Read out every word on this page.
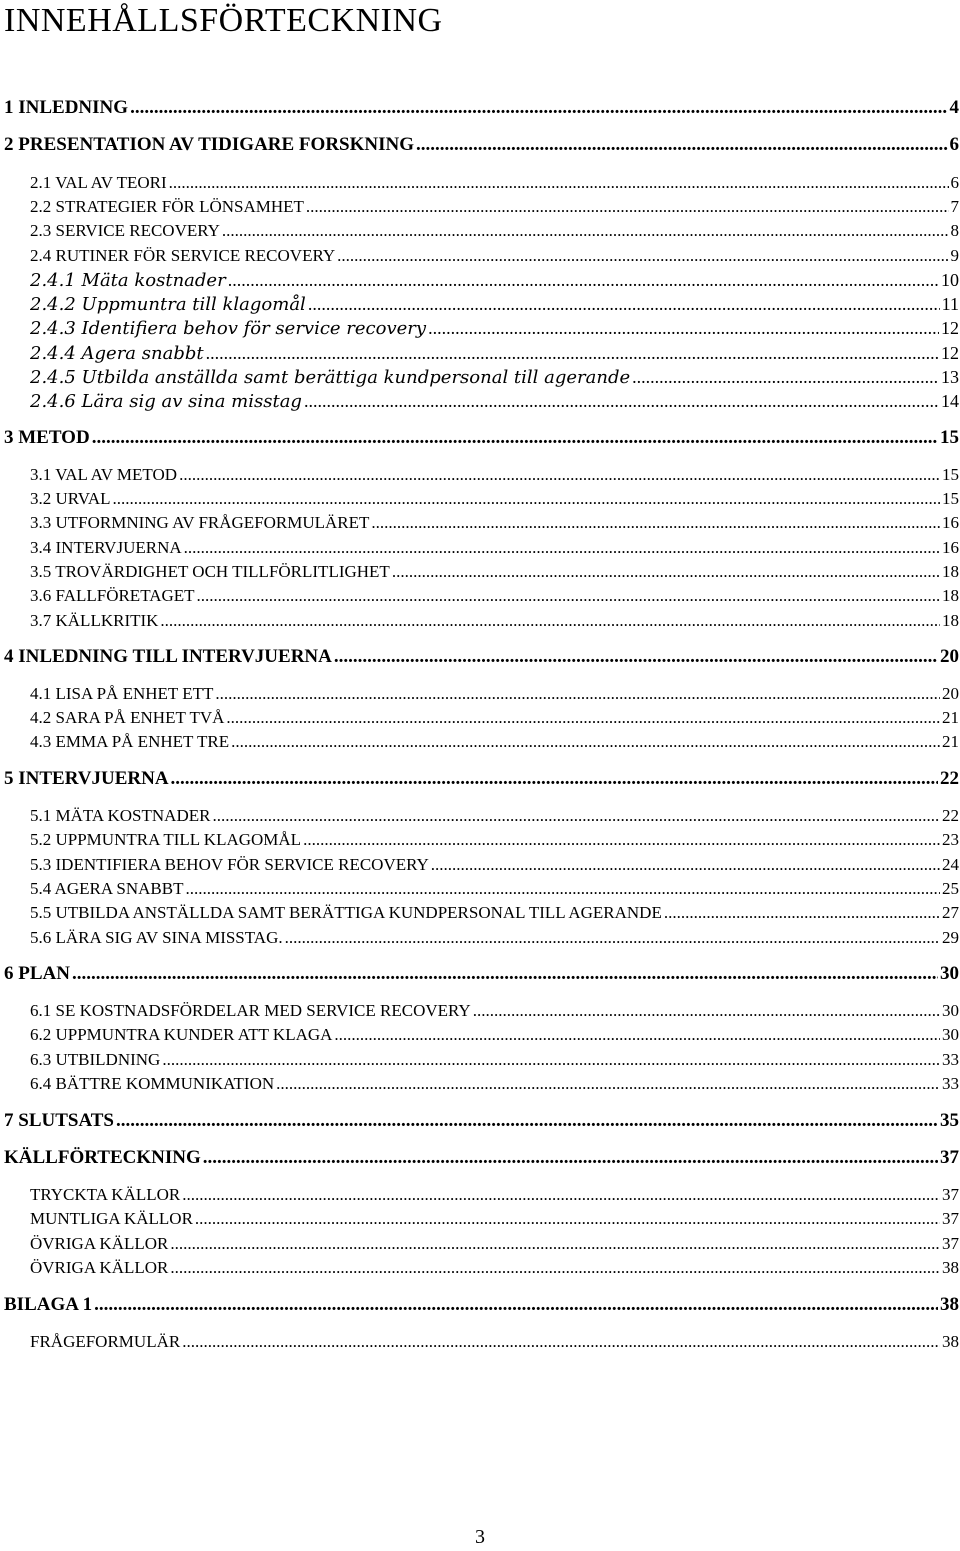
INNEHÅLLSFÖRTECKNING
1 INLEDNING .....	4
2 PRESENTATION AV TIDIGARE FORSKNING .....	6
2.1 VAL AV TEORI .....	6
2.2 STRATEGIER FÖR LÖNSAMHET .....	7
2.3 SERVICE RECOVERY .....	8
2.4 RUTINER FÖR SERVICE RECOVERY .....	9
2.4.1 Mäta kostnader .....	10
2.4.2 Uppmuntra till klagomål .....	11
2.4.3 Identifiera behov för service recovery .....	12
2.4.4 Agera snabbt .....	12
2.4.5 Utbilda anställda samt berättiga kundpersonal till agerande .....	13
2.4.6 Lära sig av sina misstag .....	14
3 METOD .....	15
3.1 VAL AV METOD .....	15
3.2 URVAL .....	15
3.3 UTFORMNING AV FRÅGEFORMULÄRET .....	16
3.4 INTERVJUERNA .....	16
3.5 TROVÄRDIGHET OCH TILLFÖRLITLIGHET .....	18
3.6 FALLFÖRETAGET .....	18
3.7 KÄLLKRITIK .....	18
4 INLEDNING TILL INTERVJUERNA .....	20
4.1 LISA PÅ ENHET ETT .....	20
4.2 SARA PÅ ENHET TVÅ .....	21
4.3 EMMA PÅ ENHET TRE .....	21
5 INTERVJUERNA .....	22
5.1 MÄTA KOSTNADER .....	22
5.2 UPPMUNTRA TILL KLAGOMÅL .....	23
5.3 IDENTIFIERA BEHOV FÖR SERVICE RECOVERY .....	24
5.4 AGERA SNABBT .....	25
5.5 UTBILDA ANSTÄLLDA SAMT BERÄTTIGA KUNDPERSONAL TILL AGERANDE .....	27
5.6 LÄRA SIG AV SINA MISSTAG. .....	29
6 PLAN .....	30
6.1 SE KOSTNADSFÖRDELAR MED SERVICE RECOVERY .....	30
6.2 UPPMUNTRA KUNDER ATT KLAGA .....	30
6.3 UTBILDNING .....	33
6.4 BÄTTRE KOMMUNIKATION .....	33
7 SLUTSATS .....	35
KÄLLFÖRTECKNING .....	37
TRYCKTA KÄLLOR .....	37
MUNTLIGA KÄLLOR .....	37
ÖVRIGA KÄLLOR .....	37
ÖVRIGA KÄLLOR .....	38
BILAGA 1 .....	38
FRÅGEFORMULÄR .....	38
3
